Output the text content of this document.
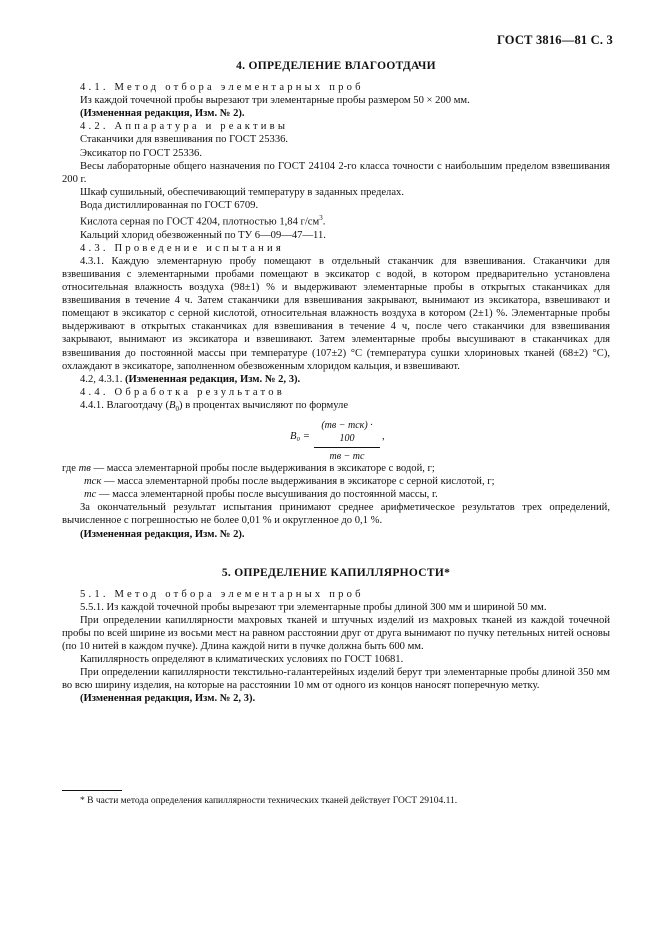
ГОСТ 3816—81 С. 3

4. ОПРЕДЕЛЕНИЕ ВЛАГООТДАЧИ

4.1. Метод отбора элементарных проб

Из каждой точечной пробы вырезают три элементарные пробы размером 50 × 200 мм.

(Измененная редакция, Изм. № 2).

4.2. Аппаратура и реактивы

Стаканчики для взвешивания по ГОСТ 25336.

Эксикатор по ГОСТ 25336.

Весы лабораторные общего назначения по ГОСТ 24104 2-го класса точности с наибольшим пределом взвешивания 200 г.

Шкаф сушильный, обеспечивающий температуру в заданных пределах.

Вода дистиллированная по ГОСТ 6709.

Кислота серная по ГОСТ 4204, плотностью 1,84 $г/см^3$.

Кальций хлорид обезвоженный по ТУ 6—09—47—11.

4.3. Проведение испытания

4.3.1. Каждую элементарную пробу помещают в отдельный стаканчик для взвешивания. Стаканчики для взвешивания с элементарными пробами помещают в эксикатор с водой, в котором предварительно установлена относительная влажность воздуха (98±1) % и выдерживают элементарные пробы в открытых стаканчиках для взвешивания в течение 4 ч. Затем стаканчики для взвешивания закрывают, вынимают из эксикатора, взвешивают и помещают в эксикатор с серной кислотой, относительная влажность воздуха в котором (2±1) %. Элементарные пробы выдерживают в открытых стаканчиках для взвешивания в течение 4 ч, после чего стаканчики для взвешивания закрывают, вынимают из эксикатора и взвешивают. Затем элементарные пробы высушивают в стаканчиках для взвешивания до постоянной массы при температуре (107±2) °С (температура сушки хлориновых тканей (68±2) °С), охлаждают в эксикаторе, заполненном обезвоженным хлоридом кальция, и взвешивают.

4.2, 4.3.1. (Измененная редакция, Изм. № 2, 3).

4.4. Обработка результатов

4.4.1. Влагоотдачу $(B_0)$ в процентах вычисляют по формуле

B₀ =
(mв − mск) · 100
mв − mс
,

где mв — масса элементарной пробы после выдерживания в эксикаторе с водой, г;

mск — масса элементарной пробы после выдерживания в эксикаторе с серной кислотой, г;

mс — масса элементарной пробы после высушивания до постоянной массы, г.

За окончательный результат испытания принимают среднее арифметическое результатов трех определений, вычисленное с погрешностью не более 0,01 % и округленное до 0,1 %.

(Измененная редакция, Изм. № 2).

5. ОПРЕДЕЛЕНИЕ КАПИЛЛЯРНОСТИ*

5.1. Метод отбора элементарных проб

5.5.1. Из каждой точечной пробы вырезают три элементарные пробы длиной 300 мм и шириной 50 мм.

При определении капиллярности махровых тканей и штучных изделий из махровых тканей из каждой точечной пробы по всей ширине из восьми мест на равном расстоянии друг от друга вынимают по пучку петельных нитей основы (по 10 нитей в каждом пучке). Длина каждой нити в пучке должна быть 600 мм.

Капиллярность определяют в климатических условиях по ГОСТ 10681.

При определении капиллярности текстильно-галантерейных изделий берут три элементарные пробы длиной 350 мм во всю ширину изделия, на которые на расстоянии 10 мм от одного из концов наносят поперечную метку.

(Измененная редакция, Изм. № 2, 3).

* В части метода определения капиллярности технических тканей действует ГОСТ 29104.11.
